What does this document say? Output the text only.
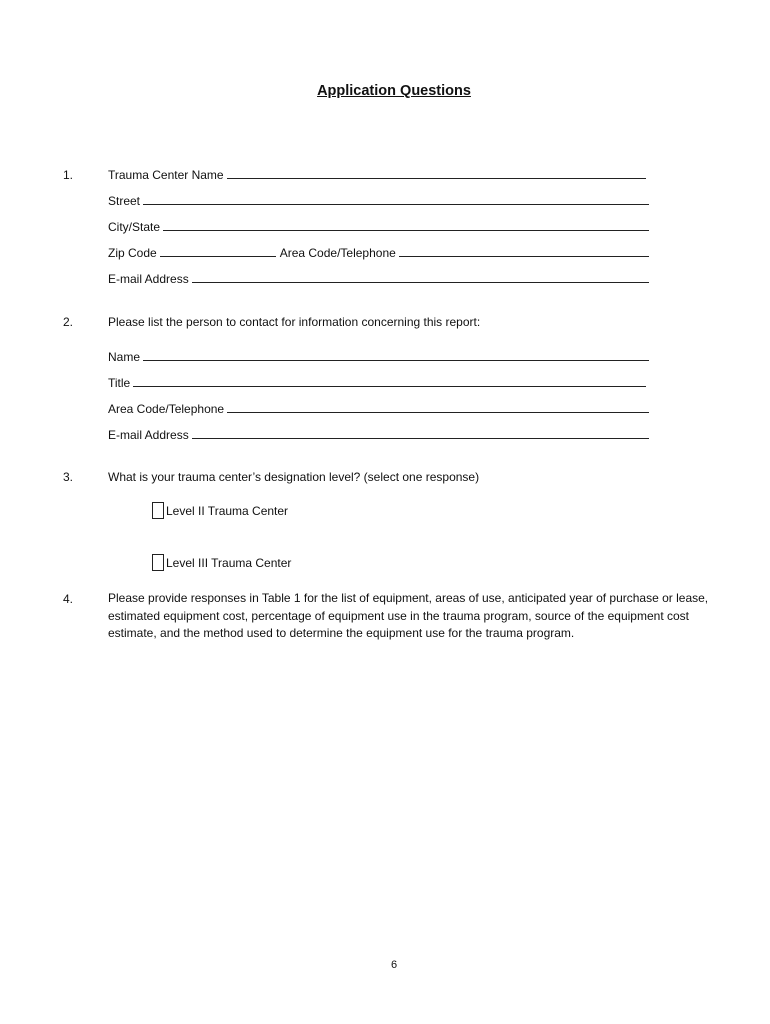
Application Questions
1.	Trauma Center Name
Street
City/State
Zip Code	Area Code/Telephone
E-mail Address
2.	Please list the person to contact for information concerning this report:
Name
Title
Area Code/Telephone
E-mail Address
3.	What is your trauma center’s designation level? (select one response)
Level II Trauma Center
Level III Trauma Center
4.	Please provide responses in Table 1 for the list of equipment, areas of use, anticipated year of purchase or lease, estimated equipment cost, percentage of equipment use in the trauma program, source of the equipment cost estimate, and the method used to determine the equipment use for the trauma program.
6
